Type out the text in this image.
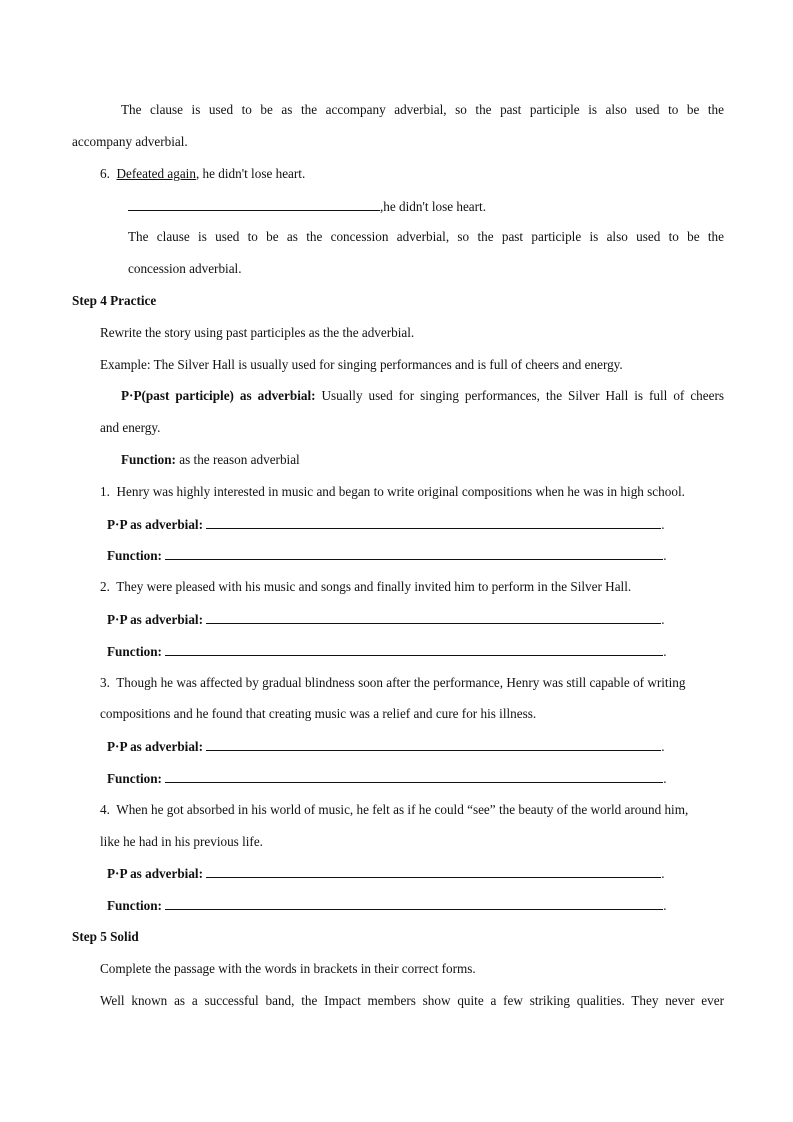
The clause is used to be as the accompany adverbial, so the past participle is also used to be the
accompany adverbial.
6. Defeated again, he didn't lose heart.
,he didn't lose heart.
The clause is used to be as the concession adverbial, so the past participle is also used to be the
concession adverbial.
Step 4 Practice
Rewrite the story using past participles as the the adverbial.
Example: The Silver Hall is usually used for singing performances and is full of cheers and energy.
P·P(past participle) as adverbial: Usually used for singing performances, the Silver Hall is full of cheers
and energy.
Function: as the reason adverbial
1. Henry was highly interested in music and began to write original compositions when he was in high school.
P·P as adverbial:	.
Function:	.
2. They were pleased with his music and songs and finally invited him to perform in the Silver Hall.
P·P as adverbial:	.
Function:	.
3. Though he was affected by gradual blindness soon after the performance, Henry was still capable of writing
compositions and he found that creating music was a relief and cure for his illness.
P·P as adverbial:	.
Function:	.
4. When he got absorbed in his world of music, he felt as if he could “see” the beauty of the world around him,
like he had in his previous life.
P·P as adverbial:	.
Function:	.
Step 5 Solid
Complete the passage with the words in brackets in their correct forms.
Well known as a successful band, the Impact members show quite a few striking qualities. They never ever
